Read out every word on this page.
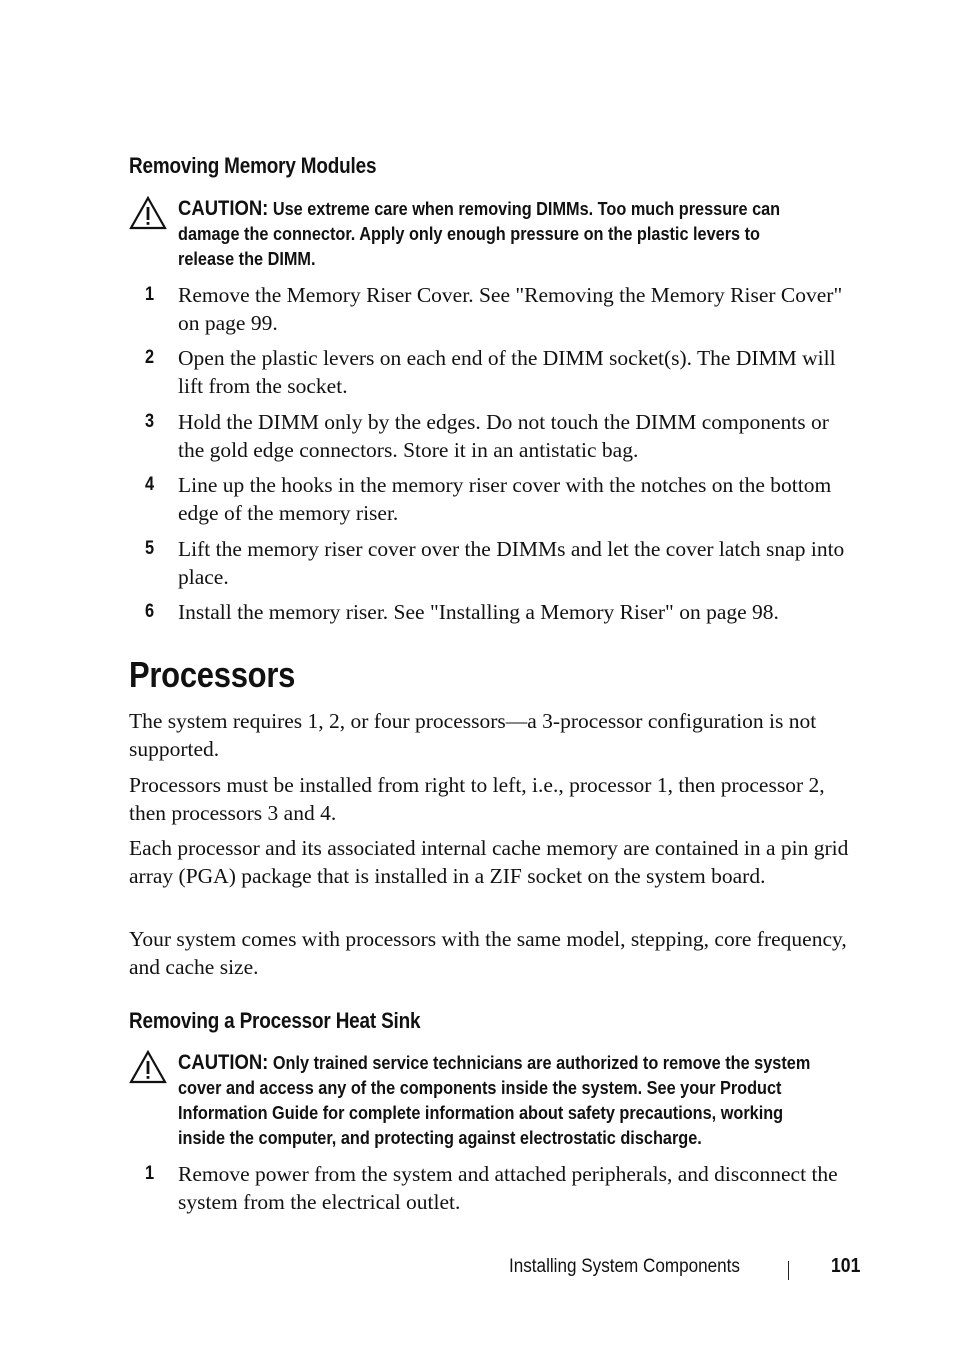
Removing Memory Modules
CAUTION: Use extreme care when removing DIMMs. Too much pressure can damage the connector. Apply only enough pressure on the plastic levers to release the DIMM.
1 Remove the Memory Riser Cover. See "Removing the Memory Riser Cover" on page 99.
2 Open the plastic levers on each end of the DIMM socket(s). The DIMM will lift from the socket.
3 Hold the DIMM only by the edges. Do not touch the DIMM components or the gold edge connectors. Store it in an antistatic bag.
4 Line up the hooks in the memory riser cover with the notches on the bottom edge of the memory riser.
5 Lift the memory riser cover over the DIMMs and let the cover latch snap into place.
6 Install the memory riser. See "Installing a Memory Riser" on page 98.
Processors
The system requires 1, 2, or four processors—a 3-processor configuration is not supported.
Processors must be installed from right to left, i.e., processor 1, then processor 2, then processors 3 and 4.
Each processor and its associated internal cache memory are contained in a pin grid array (PGA) package that is installed in a ZIF socket on the system board.
Your system comes with processors with the same model, stepping, core frequency, and cache size.
Removing a Processor Heat Sink
CAUTION: Only trained service technicians are authorized to remove the system cover and access any of the components inside the system. See your Product Information Guide for complete information about safety precautions, working inside the computer, and protecting against electrostatic discharge.
1 Remove power from the system and attached peripherals, and disconnect the system from the electrical outlet.
Installing System Components	101
